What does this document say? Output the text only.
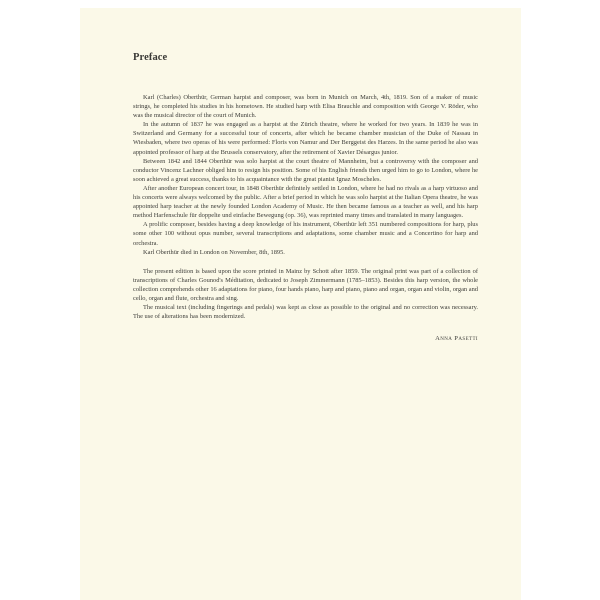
Preface

Karl (Charles) Oberthür, German harpist and composer, was born in Munich on March, 4th, 1819. Son of a maker of music strings, he completed his studies in his hometown. He studied harp with Elisa Brauchle and composition with George V. Röder, who was the musical director of the court of Munich.

In the autumn of 1837 he was engaged as a harpist at the Zürich theatre, where he worked for two years. In 1839 he was in Switzerland and Germany for a successful tour of concerts, after which he became chamber musician of the Duke of Nassau in Wiesbaden, where two operas of his were performed: Floris von Namur and Der Berggeist des Harzes. In the same period he also was appointed professor of harp at the Brussels conservatory, after the retirement of Xavier Désargus junior.

Between 1842 and 1844 Oberthür was solo harpist at the court theatre of Mannheim, but a controversy with the composer and conductor Vincenz Lachner obliged him to resign his position. Some of his English friends then urged him to go to London, where he soon achieved a great success, thanks to his acquaintance with the great pianist Ignaz Moscheles.

After another European concert tour, in 1848 Oberthür definitely settled in London, where he had no rivals as a harp virtuoso and his concerts were always welcomed by the public. After a brief period in which he was solo harpist at the Italian Opera theatre, he was appointed harp teacher at the newly founded London Academy of Music. He then became famous as a teacher as well, and his harp method Harfenschule für doppelte und einfache Bewegung (op. 36), was reprinted many times and translated in many languages.

A prolific composer, besides having a deep knowledge of his instrument, Oberthür left 351 numbered compositions for harp, plus some other 100 without opus number, several transcriptions and adaptations, some chamber music and a Concertino for harp and orchestra.

Karl Oberthür died in London on November, 8th, 1895.

The present edition is based upon the score printed in Mainz by Schott after 1859. The original print was part of a collection of transcriptions of Charles Gounod's Méditation, dedicated to Joseph Zimmermann (1785–1853). Besides this harp version, the whole collection comprehends other 16 adaptations for piano, four hands piano, harp and piano, piano and organ, organ and violin, organ and cello, organ and flute, orchestra and sing.

The musical text (including fingerings and pedals) was kept as close as possible to the original and no correction was necessary. The use of alterations has been modernized.

Anna Pasetti
